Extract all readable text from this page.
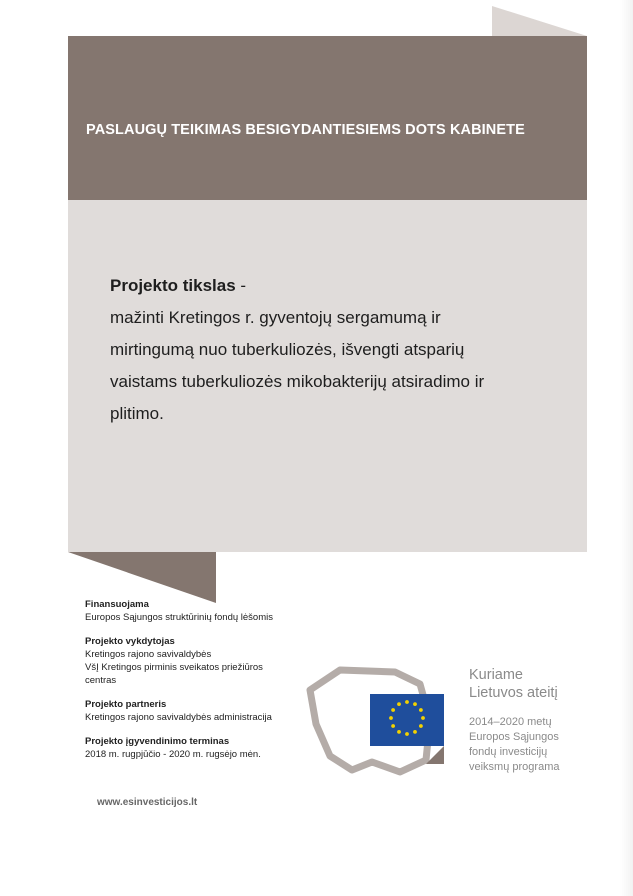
PASLAUGŲ TEIKIMAS BESIGYDANTIESIEMS DOTS KABINETE

Projekto tikslas -

mažinti Kretingos r. gyventojų sergamumą ir

mirtingumą nuo tuberkuliozės, išvengti atsparių

vaistams tuberkuliozės mikobakterijų atsiradimo ir

plitimo.

Finansuojama
Europos Sąjungos struktūrinių fondų lėšomis
Projekto vykdytojas
Kretingos rajono savivaldybės
VšĮ Kretingos pirminis sveikatos priežiūros
centras
Projekto partneris
Kretingos rajono savivaldybės administracija
Projekto įgyvendinimo terminas
2018 m. rugpjūčio - 2020 m. rugsėjo mėn.
www.esinvesticijos.lt
Kuriame
Lietuvos ateitį
2014–2020 metų
Europos Sąjungos
fondų investicijų
veiksmų programa
